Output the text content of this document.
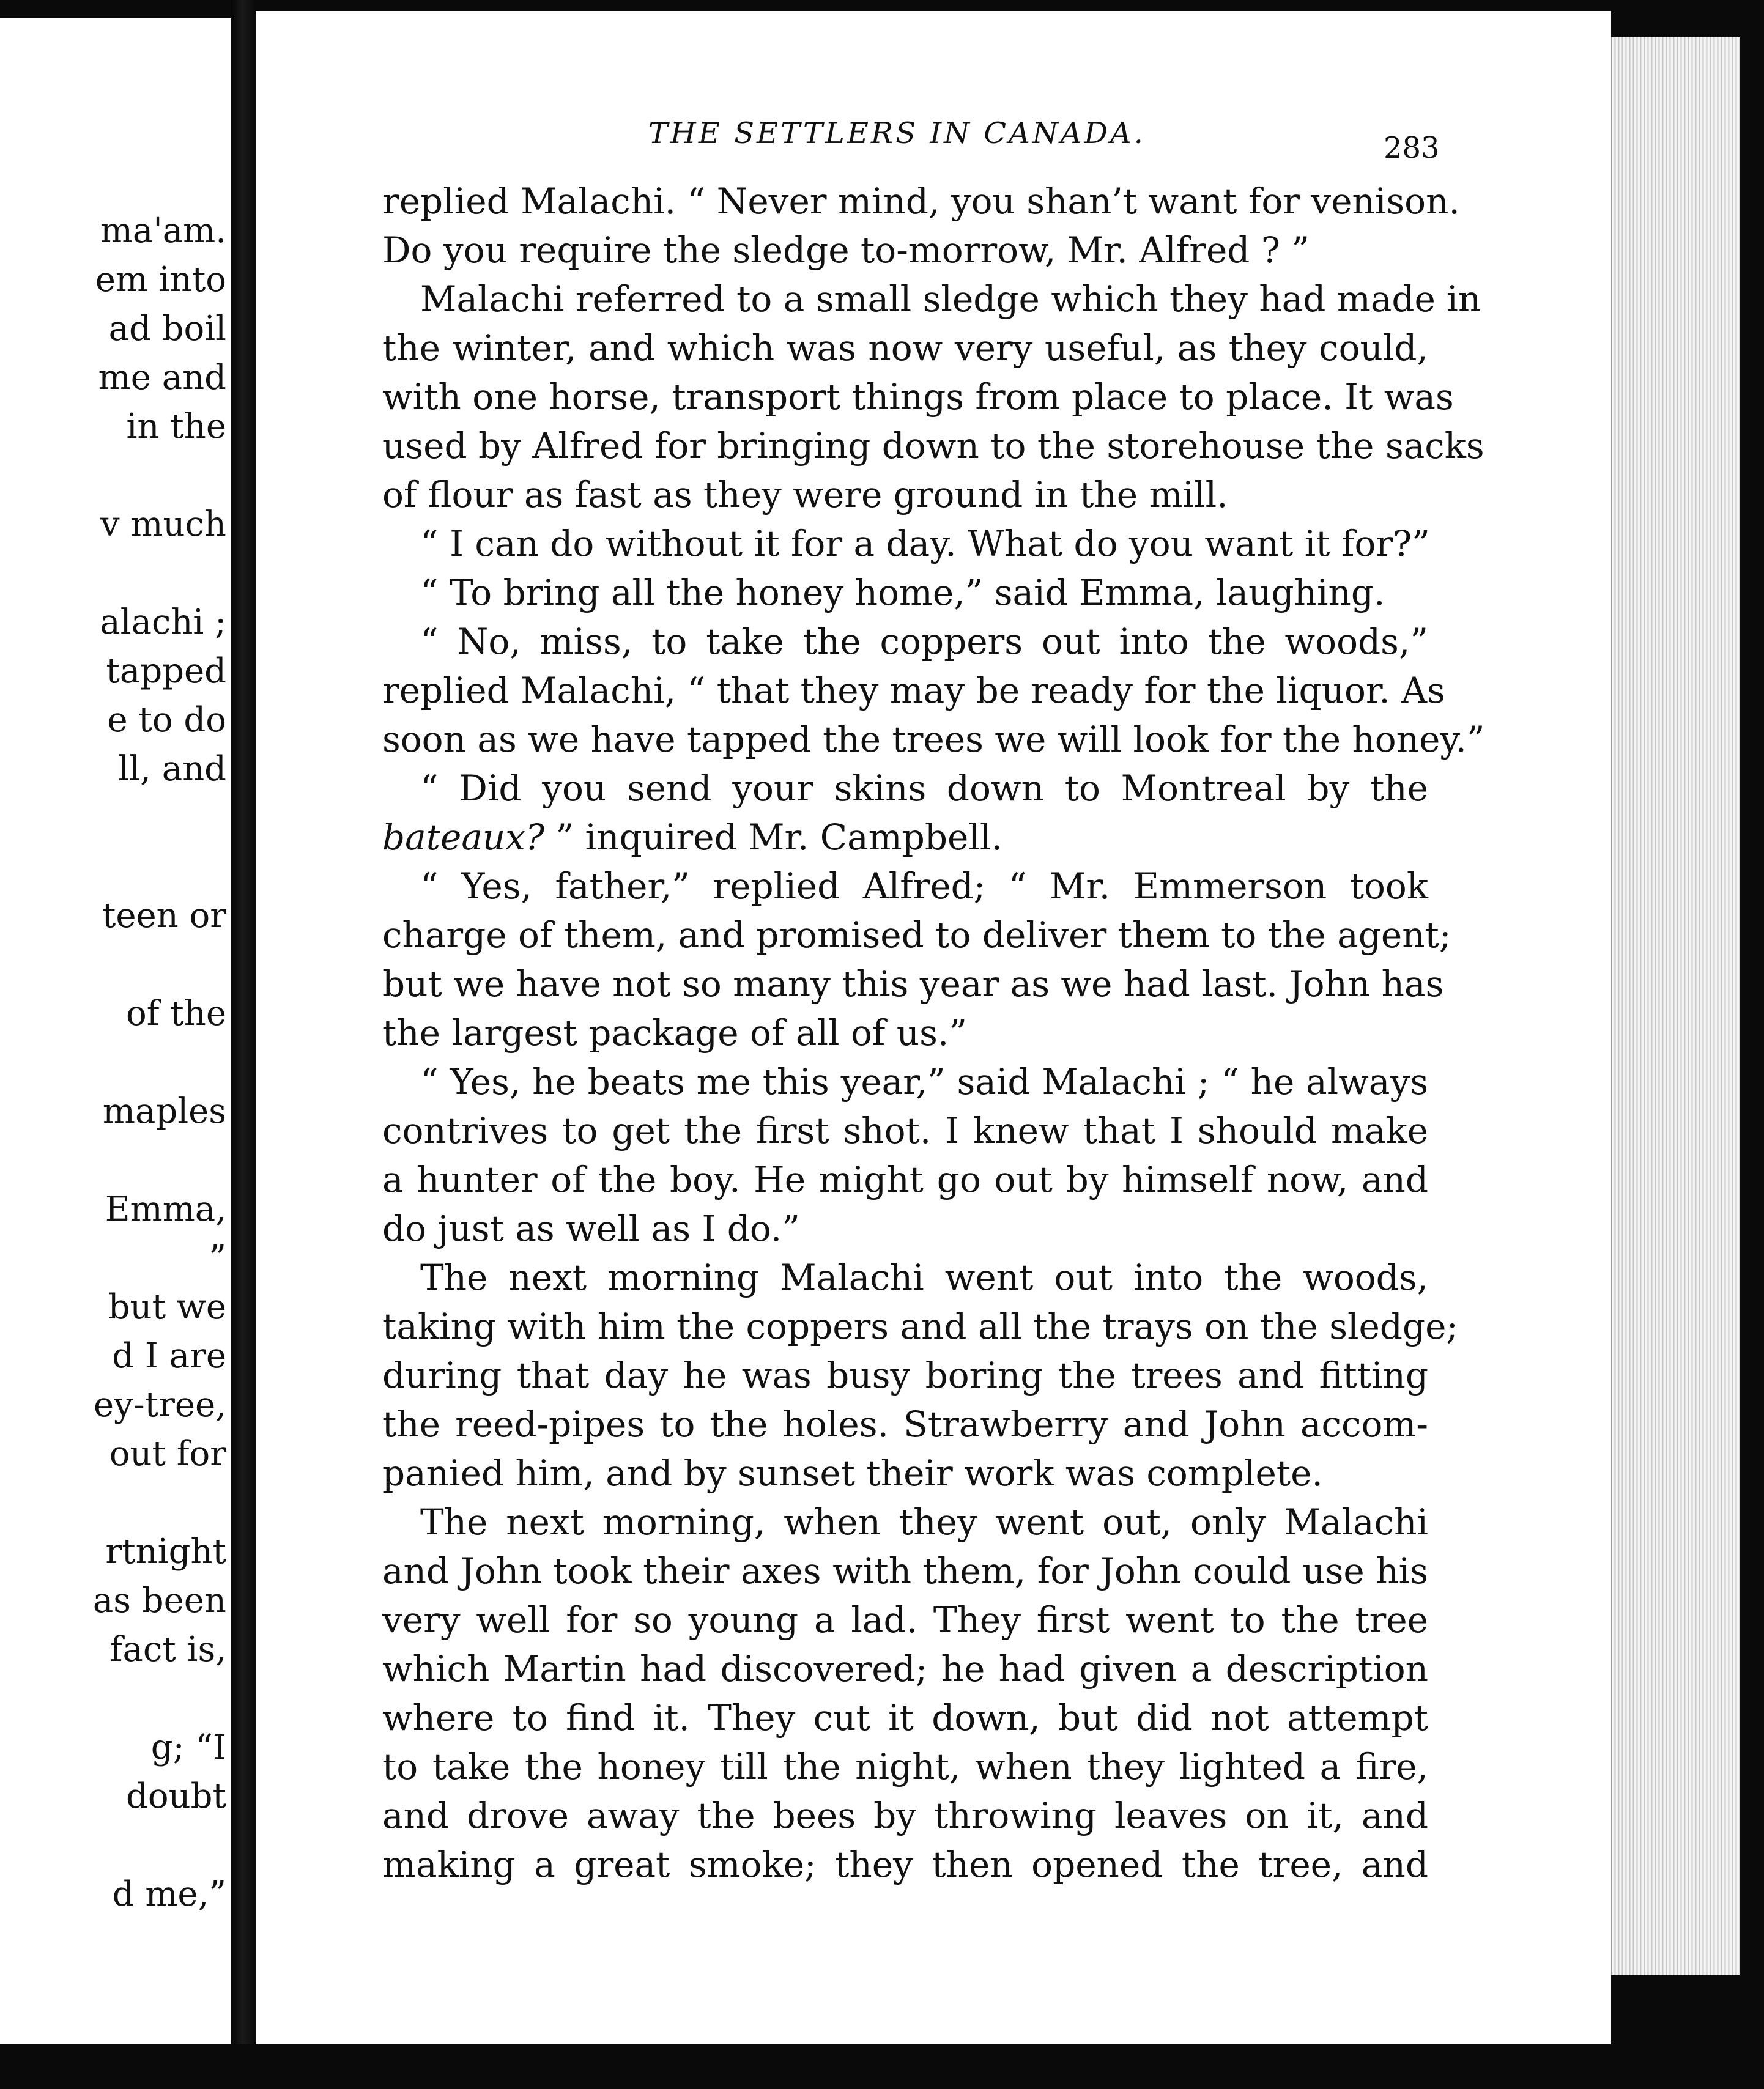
ma'am.
em into
ad boil
me and
in the
v much
alachi ;
tapped
e to do
ll, and
teen or
of the
maples
Emma,
”
but we
d I are
ey-tree,
out for
rtnight
as been
fact is,
g; “I
doubt
d me,”
THE SETTLERS IN CANADA.	283
replied Malachi. “ Never mind, you shan’t want for venison.
Do you require the sledge to-morrow, Mr. Alfred ? ”
Malachi referred to a small sledge which they had made in
the winter, and which was now very useful, as they could,
with one horse, transport things from place to place. It was
used by Alfred for bringing down to the storehouse the sacks
of flour as fast as they were ground in the mill.
“ I can do without it for a day. What do you want it for?”
“ To bring all the honey home,” said Emma, laughing.
“ No, miss, to take the coppers out into the woods,”
replied Malachi, “ that they may be ready for the liquor. As
soon as we have tapped the trees we will look for the honey.”
“ Did you send your skins down to Montreal by the
bateaux? ” inquired Mr. Campbell.
“ Yes, father,” replied Alfred; “ Mr. Emmerson took
charge of them, and promised to deliver them to the agent;
but we have not so many this year as we had last. John has
the largest package of all of us.”
“ Yes, he beats me this year,” said Malachi ; “ he always
contrives to get the first shot. I knew that I should make
a hunter of the boy. He might go out by himself now, and
do just as well as I do.”
The next morning Malachi went out into the woods,
taking with him the coppers and all the trays on the sledge;
during that day he was busy boring the trees and fitting
the reed-pipes to the holes. Strawberry and John accom-
panied him, and by sunset their work was complete.
The next morning, when they went out, only Malachi
and John took their axes with them, for John could use his
very well for so young a lad. They first went to the tree
which Martin had discovered; he had given a description
where to find it. They cut it down, but did not attempt
to take the honey till the night, when they lighted a fire,
and drove away the bees by throwing leaves on it, and
making a great smoke; they then opened the tree, and
